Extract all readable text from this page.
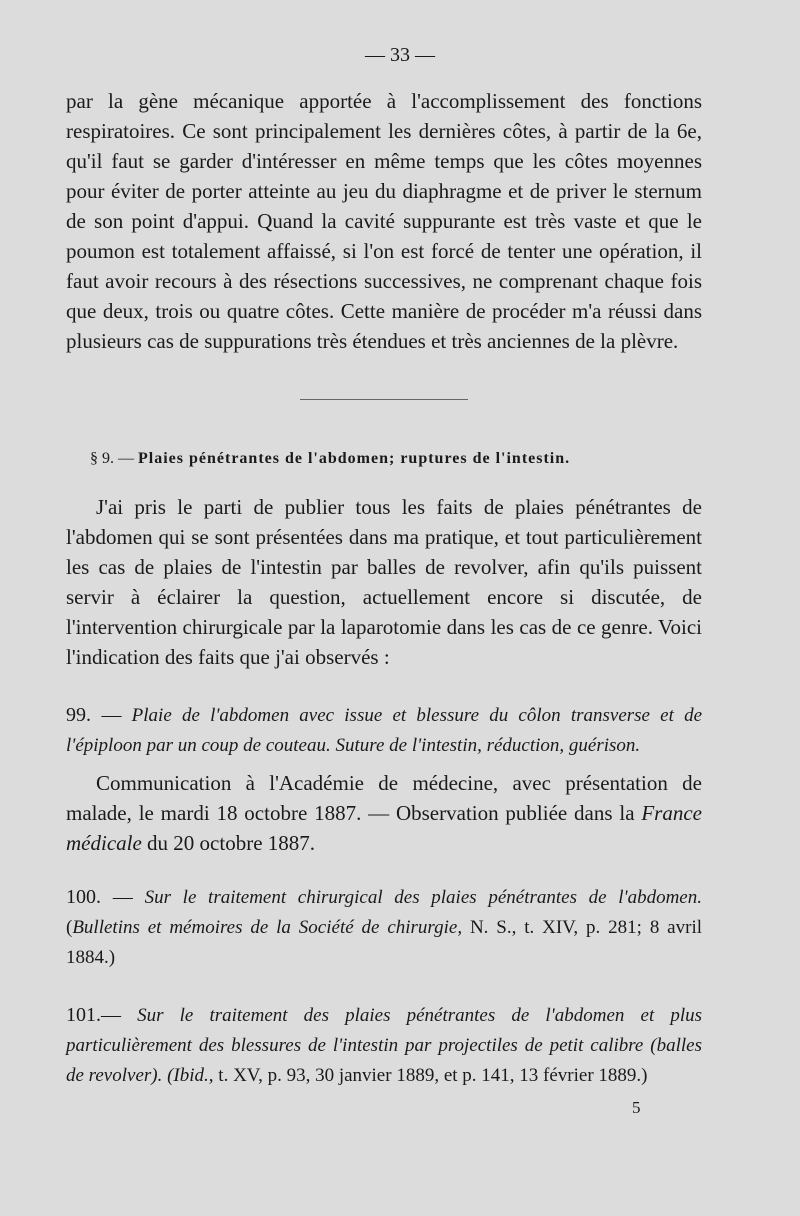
— 33 —

par la gène mécanique apportée à l'accomplissement des fonctions respiratoires. Ce sont principalement les dernières côtes, à partir de la 6e, qu'il faut se garder d'intéresser en même temps que les côtes moyennes pour éviter de porter atteinte au jeu du diaphragme et de priver le sternum de son point d'appui. Quand la cavité suppurante est très vaste et que le poumon est totalement affaissé, si l'on est forcé de tenter une opération, il faut avoir recours à des résections successives, ne comprenant chaque fois que deux, trois ou quatre côtes. Cette manière de procéder m'a réussi dans plusieurs cas de suppurations très étendues et très anciennes de la plèvre.

§ 9. — Plaies pénétrantes de l'abdomen; ruptures de l'intestin.

J'ai pris le parti de publier tous les faits de plaies pénétrantes de l'abdomen qui se sont présentées dans ma pratique, et tout particulièrement les cas de plaies de l'intestin par balles de revolver, afin qu'ils puissent servir à éclairer la question, actuellement encore si discutée, de l'intervention chirurgicale par la laparotomie dans les cas de ce genre. Voici l'indication des faits que j'ai observés :

99. — Plaie de l'abdomen avec issue et blessure du côlon transverse et de l'épiploon par un coup de couteau. Suture de l'intestin, réduction, guérison.

Communication à l'Académie de médecine, avec présentation de malade, le mardi 18 octobre 1887. — Observation publiée dans la France médicale du 20 octobre 1887.

100. — Sur le traitement chirurgical des plaies pénétrantes de l'abdomen. (Bulletins et mémoires de la Société de chirurgie, N. S., t. XIV, p. 281; 8 avril 1884.)

101.— Sur le traitement des plaies pénétrantes de l'abdomen et plus particulièrement des blessures de l'intestin par projectiles de petit calibre (balles de revolver). (Ibid., t. XV, p. 93, 30 janvier 1889, et p. 141, 13 février 1889.)

5
